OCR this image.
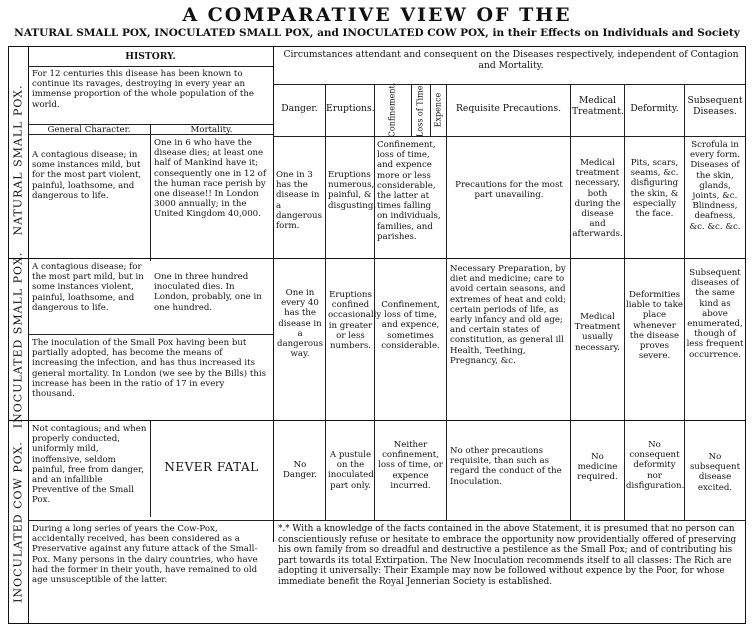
A COMPARATIVE VIEW OF THE
NATURAL SMALL POX, INOCULATED SMALL POX, and INOCULATED COW POX, in their Effects on Individuals and Society
NATURAL SMALL POX.
INOCULATED SMALL POX.
INOCULATED COW POX.
HISTORY.
For 12 centuries this disease has been known to continue its ravages, destroying in every year an immense proportion of the whole population of the world.
General Character.	Mortality.
A contagious disease; in some instances mild, but for the most part violent, painful, loathsome, and dangerous to life.
One in 6 who have the disease dies; at least one half of Mankind have it; consequently one in 12 of the human race perish by one disease!! In London 3000 annually; in the United Kingdom 40,000.
A contagious disease; for the most part mild, but in some instances violent, painful, loathsome, and dangerous to life.
One in three hundred inoculated dies. In London, probably, one in one hundred.
The inoculation of the Small Pox having been but partially adopted, has become the means of increasing the infection, and has thus increased its general mortality. In London (we see by the Bills) this increase has been in the ratio of 17 in every thousand.
Not contagious; and when properly conducted, uniformly mild, inoffensive, seldom painful, free from danger, and an infallible Preventive of the Small Pox.
NEVER FATAL
During a long series of years the Cow-Pox, accidentally received, has been considered as a Preservative against any future attack of the Small-Pox. Many persons in the dairy countries, who have had the former in their youth, have remained to old age unsusceptible of the latter.
Circumstances attendant and consequent on the Diseases respectively, independent of Contagion and Mortality.
Danger. Eruptions. Confinement. Loss of Time. Expence	Requisite Precautions.
Medical Treatment. Deformity.
Subsequent Diseases.
One in 3 has the disease in a dangerous form.
Eruptions numerous, painful, & disgusting.
Confinement, loss of time, and expence more or less considerable, the latter at times falling on individuals, families, and parishes.
Precautions for the most part unavailing.
Medical treatment necessary, both during the disease and afterwards.
Pits, scars, seams, &c. disfiguring the skin, & especially the face.
Scrofula in every form. Diseases of the skin, glands, joints, &c. Blindness, deafness, &c. &c. &c.
One in every 40 has the disease in a dangerous way.
Eruptions confined occasionally in greater or less numbers.
Confinement, loss of time, and expence, sometimes considerable.
Necessary Preparation, by diet and medicine; care to avoid certain seasons, and extremes of heat and cold; certain periods of life, as early infancy and old age; and certain states of constitution, as general ill Health, Teething, Pregnancy, &c.
Medical Treatment usually necessary.
Deformities liable to take place whenever the disease proves severe.
Subsequent diseases of the same kind as above enumerated, though of less frequent occurrence.
No Danger.
A pustule on the inoculated part only.
Neither confinement, loss of time, or expence incurred.
No other precautions requisite, than such as regard the conduct of the Inoculation.
No medicine required.
No consequent deformity nor disfiguration.
No subsequent disease excited.
*.* With a knowledge of the facts contained in the above Statement, it is presumed that no person can conscientiously refuse or hesitate to embrace the opportunity now providentially offered of preserving his own family from so dreadful and destructive a pestilence as the Small Pox; and of contributing his part towards its total Extirpation. The New Inoculation recommends itself to all classes: The Rich are adopting it universally: Their Example may now be followed without expence by the Poor, for whose immediate benefit the Royal Jennerian Society is established.
